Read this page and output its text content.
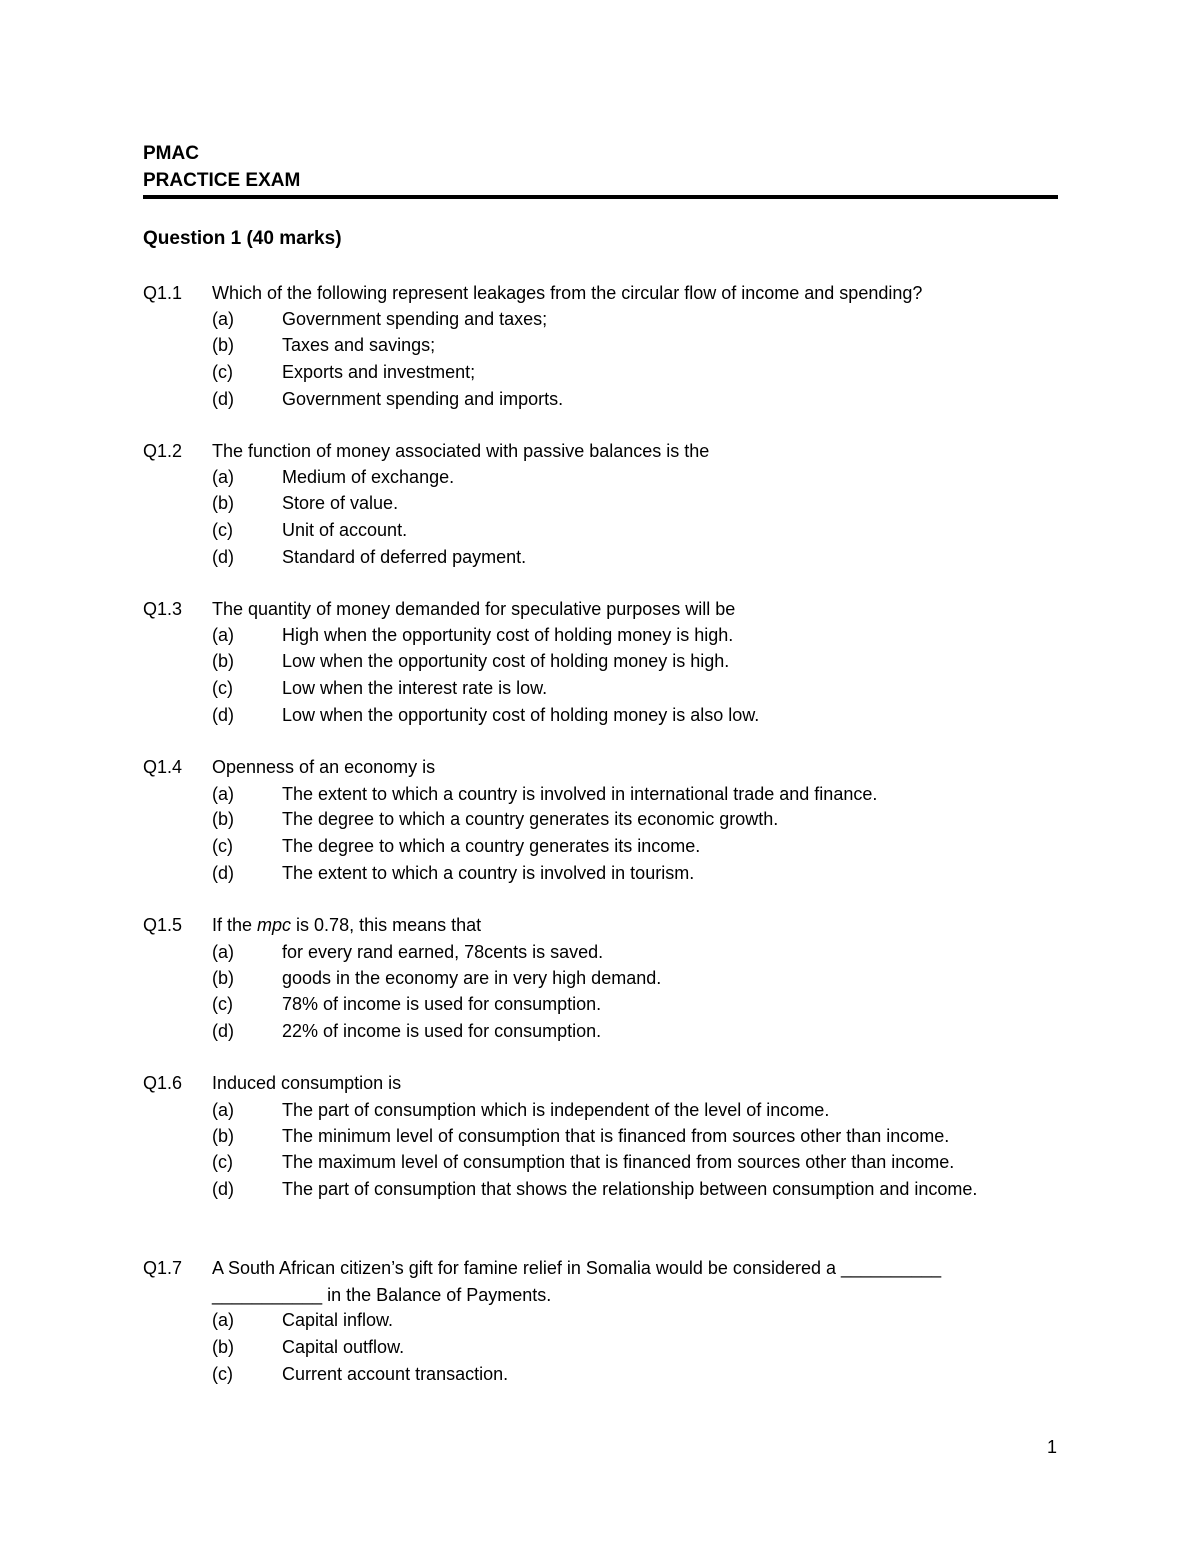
PMAC
PRACTICE EXAM
Question 1 (40 marks)
Q1.1 Which of the following represent leakages from the circular flow of income and spending?
(a)	Government spending and taxes;
(b)	Taxes and savings;
(c)	Exports and investment;
(d)	Government spending and imports.
Q1.2 The function of money associated with passive balances is the
(a)	Medium of exchange.
(b)	Store of value.
(c)	Unit of account.
(d)	Standard of deferred payment.
Q1.3 The quantity of money demanded for speculative purposes will be
(a)	High when the opportunity cost of holding money is high.
(b)	Low when the opportunity cost of holding money is high.
(c)	Low when the interest rate is low.
(d)	Low when the opportunity cost of holding money is also low.
Q1.4 Openness of an economy is
(a)	The extent to which a country is involved in international trade and finance.
(b)	The degree to which a country generates its economic growth.
(c)	The degree to which a country generates its income.
(d)	The extent to which a country is involved in tourism.
Q1.5 If the mpc is 0.78, this means that
(a)	for every rand earned, 78cents is saved.
(b)	goods in the economy are in very high demand.
(c)	78% of income is used for consumption.
(d)	22% of income is used for consumption.
Q1.6 Induced consumption is
(a)	The part of consumption which is independent of the level of income.
(b)	The minimum level of consumption that is financed from sources other than income.
(c)	The maximum level of consumption that is financed from sources other than income.
(d)	The part of consumption that shows the relationship between consumption and income.
Q1.7 A South African citizen’s gift for famine relief in Somalia would be considered a __________
___________ in the Balance of Payments.
(a)	Capital inflow.
(b)	Capital outflow.
(c)	Current account transaction.
1
